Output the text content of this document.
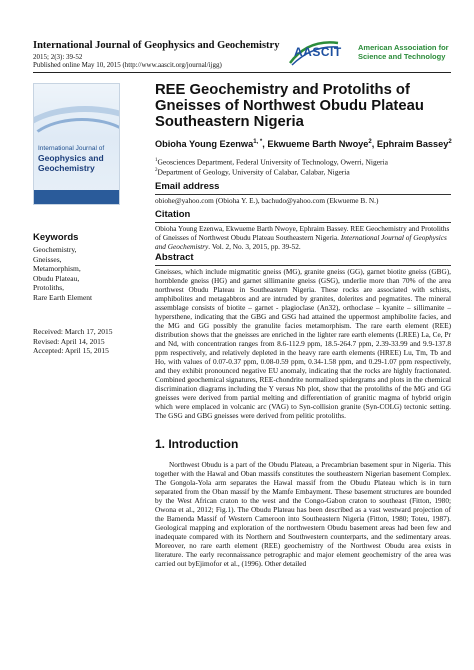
International Journal of Geophysics and Geochemistry
2015; 2(3): 39-52
Published online May 10, 2015 (http://www.aascit.org/journal/ijgg)
AASCIT American Association for
Science and Technology
International Journal of
Geophysics and
Geochemistry
Keywords
Geochemistry,
Gneisses,
Metamorphism,
Obudu Plateau,
Protoliths,
Rare Earth Element
Received: March 17, 2015
Revised: April 14, 2015
Accepted: April 15, 2015
REE Geochemistry and Protoliths of Gneisses of Northwest Obudu Plateau Southeastern Nigeria
Obioha Young Ezenwa$^{1, *}$, Ekwueme Barth Nwoye$^2$, Ephraim Bassey$^2$
$^1$Geosciences Department, Federal University of Technology, Owerri, Nigeria
$^2$Department of Geology, University of Calabar, Calabar, Nigeria
Email address
obiohe@yahoo.com (Obioha Y. E.), bachudo@yahoo.com (Ekwueme B. N.)
Citation
Obioha Young Ezenwa, Ekwueme Barth Nwoye, Ephraim Bassey. REE Geochemistry and Protoliths of Gneisses of Northwest Obudu Plateau Southeastern Nigeria. International Journal of Geophysics and Geochemistry. Vol. 2, No. 3, 2015, pp. 39-52.
Abstract
Gneisses, which include migmatitic gneiss (MG), granite gneiss (GG), garnet biotite gneiss (GBG), hornblende gneiss (HG) and garnet sillimanite gneiss (GSG), underlie more than 70% of the area northwest Obudu Plateau in Southeastern Nigeria. These rocks are associated with schists, amphibolites and metagabbros and are intruded by granites, dolerites and pegmatites. The mineral assemblage consists of biotite – garnet - plagioclase (An32), orthoclase – kyanite – sillimanite – hypersthene, indicating that the GBG and GSG had attained the uppermost amphibolite facies, and the MG and GG possibly the granulite facies metamorphism. The rare earth element (REE) distribution shows that the gneisses are enriched in the lighter rare earth elements (LREE) La, Ce, Pr and Nd, with concentration ranges from 8.6-112.9 ppm, 18.5-264.7 ppm, 2.39-33.99 and 9.9-137.8 ppm respectively, and relatively depleted in the heavy rare earth elements (HREE) Lu, Tm, Tb and Ho, with values of 0.07-0.37 ppm, 0.08-0.59 ppm, 0.34-1.58 ppm, and 0.29-1.07 ppm respectively, and they exhibit pronounced negative EU anomaly, indicating that the rocks are highly fractionated. Combined geochemical signatures, REE-chondrite normalized spidergrams and plots in the chemical discrimination diagrams including the Y versus Nb plot, show that the protoliths of the MG and GG gneisses were derived from partial melting and differentiation of granitic magma of hybrid origin which were emplaced in volcanic arc (VAG) to Syn-collision granite (Syn-COLG) tectonic setting. The GSG and GBG gneisses were derived from pelitic protoliths.
1. Introduction
Northwest Obudu is a part of the Obudu Plateau, a Precambrian basement spur in Nigeria. This together with the Hawal and Oban massifs constitutes the southeastern Nigerian basement Complex. The Gongola-Yola arm separates the Hawal massif from the Obudu Plateau which is in turn separated from the Oban massif by the Mamfe Embayment. These basement structures are bounded by the West African craton to the west and the Congo-Gabon craton to southeast (Fitton, 1980; Owona et al., 2012; Fig.1). The Obudu Plateau has been described as a vast westward projection of the Bamenda Massif of Western Cameroon into Southeastern Nigeria (Fitton, 1980; Toteu, 1987). Geological mapping and exploration of the northwestern Obudu basement areas had been few and inadequate compared with its Northern and Southwestern counterparts, and the sedimentary areas. Moreover, no rare earth element (REE) geochemistry of the Northwest Obudu area exists in literature. The early reconnaissance petrographic and major element geochemistry of the area was carried out byEjimofor et al., (1996). Other detailed
